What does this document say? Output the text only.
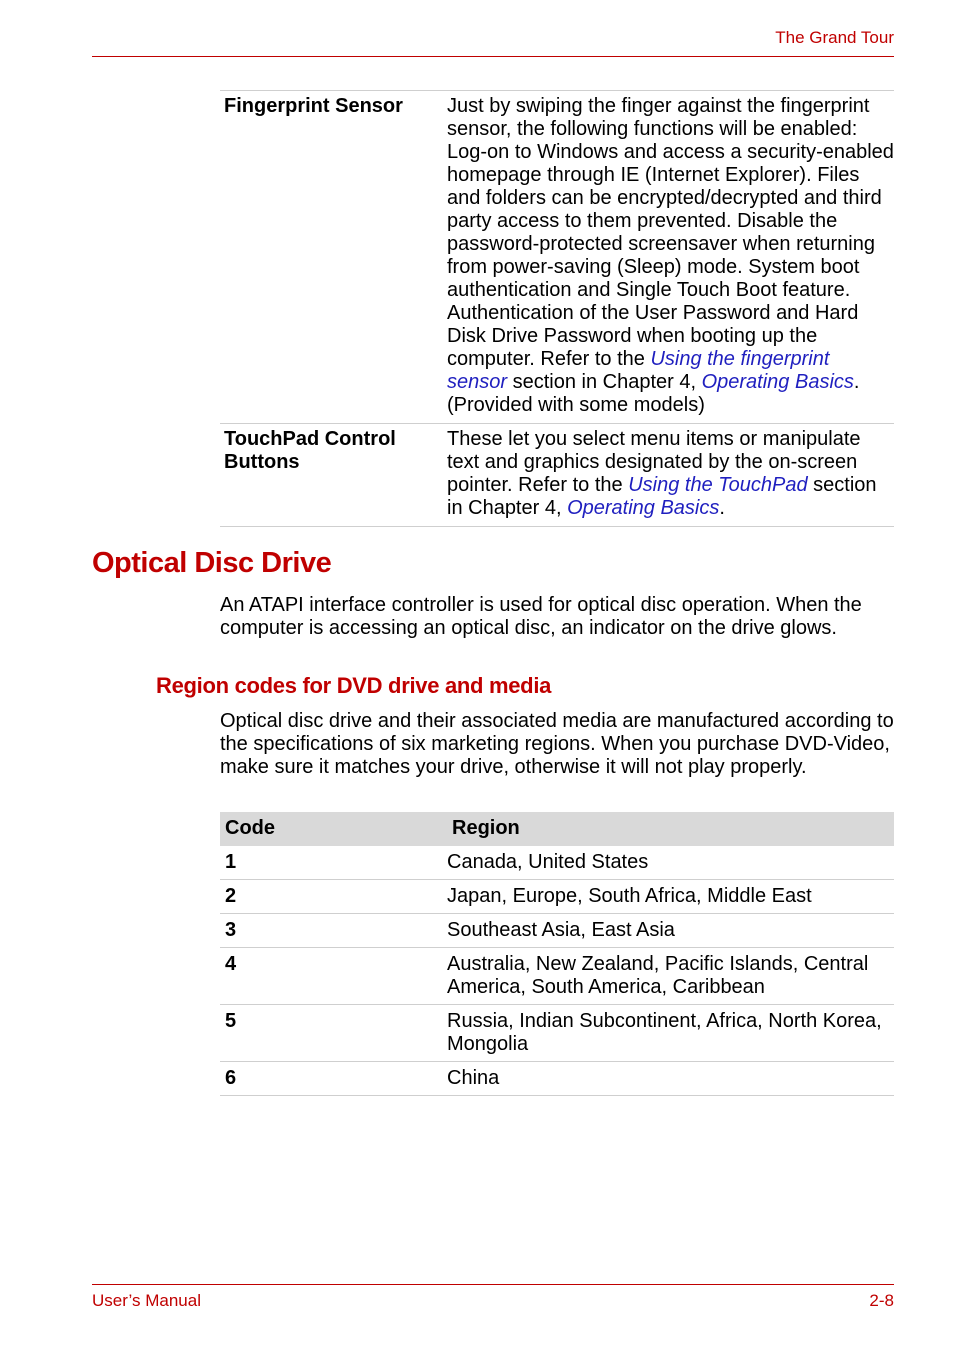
The Grand Tour
Fingerprint Sensor	Just by swiping the finger against the fingerprint sensor, the following functions will be enabled: Log-on to Windows and access a security-enabled homepage through IE (Internet Explorer). Files and folders can be encrypted/decrypted and third party access to them prevented. Disable the password-protected screensaver when returning from power-saving (Sleep) mode. System boot authentication and Single Touch Boot feature. Authentication of the User Password and Hard Disk Drive Password when booting up the computer. Refer to the Using the fingerprint sensor section in Chapter 4, Operating Basics. (Provided with some models)
TouchPad Control Buttons	These let you select menu items or manipulate text and graphics designated by the on-screen pointer. Refer to the Using the TouchPad section in Chapter 4, Operating Basics.
Optical Disc Drive

An ATAPI interface controller is used for optical disc operation. When the computer is accessing an optical disc, an indicator on the drive glows.

Region codes for DVD drive and media

Optical disc drive and their associated media are manufactured according to the specifications of six marketing regions. When you purchase DVD-Video, make sure it matches your drive, otherwise it will not play properly.

Code	Region
1	Canada, United States
2	Japan, Europe, South Africa, Middle East
3	Southeast Asia, East Asia
4	Australia, New Zealand, Pacific Islands, Central America, South America, Caribbean
5	Russia, Indian Subcontinent, Africa, North Korea, Mongolia
6	China
User’s Manual	2-8
